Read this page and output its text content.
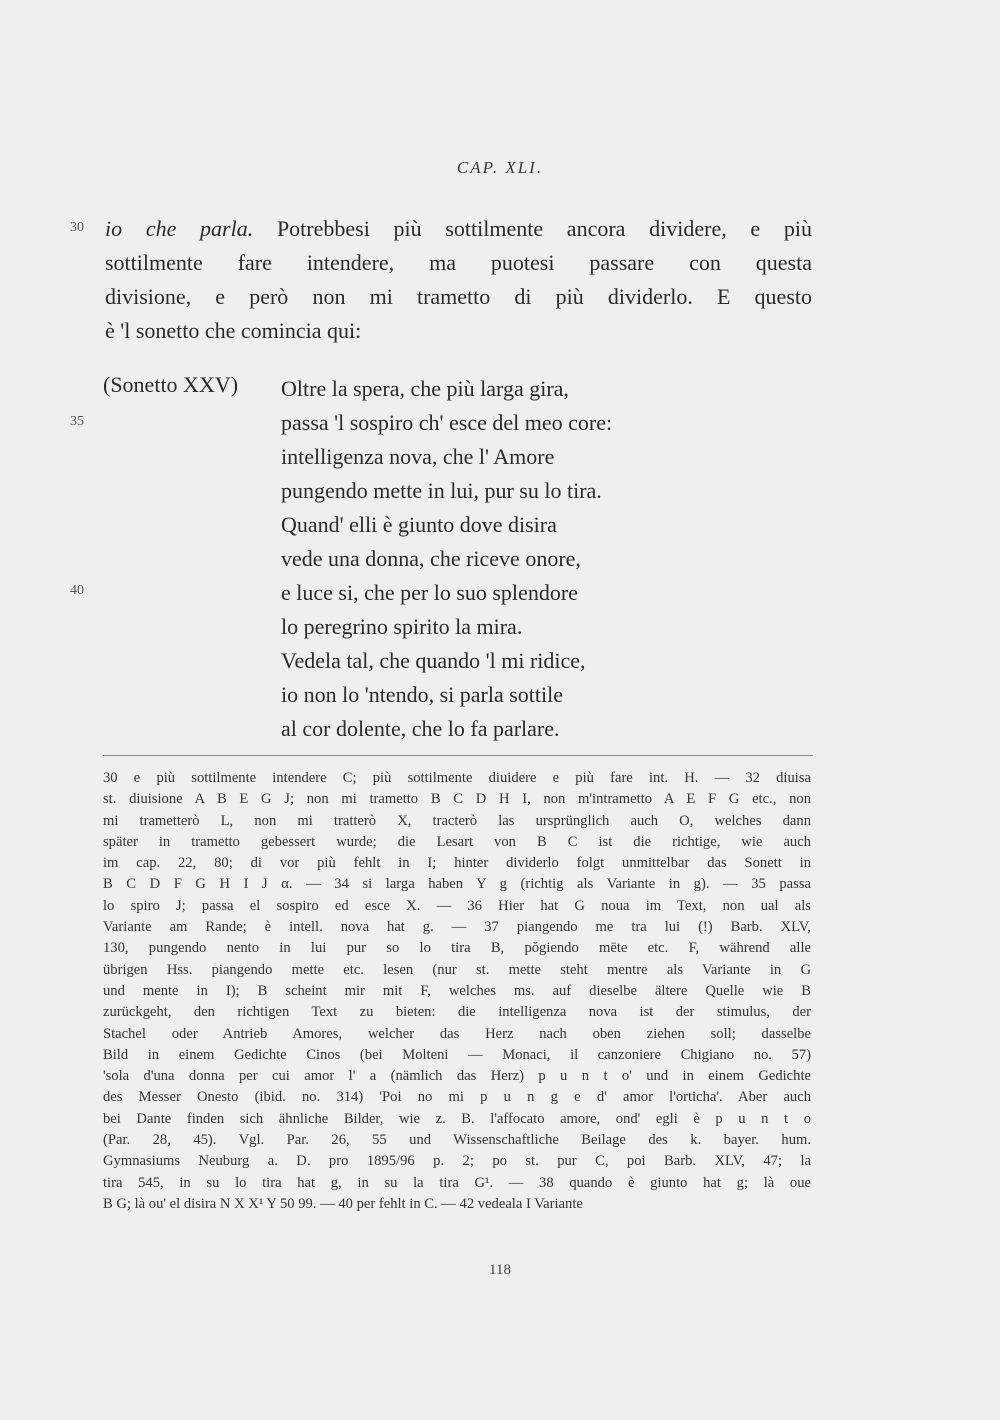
CAP. XLI.
30
35
40
io che parla. Potrebbesi più sottilmente ancora dividere, e più
sottilmente fare intendere, ma puotesi passare con questa
divisione, e però non mi trametto di più dividerlo. E questo
è 'l sonetto che comincia qui:
(Sonetto XXV) Oltre la spera, che più larga gira,
passa 'l sospiro ch' esce del meo core:
intelligenza nova, che l' Amore
pungendo mette in lui, pur su lo tira.
Quand' elli è giunto dove disira
vede una donna, che riceve onore,
e luce si, che per lo suo splendore
lo peregrino spirito la mira.
Vedela tal, che quando 'l mi ridice,
io non lo 'ntendo, si parla sottile
al cor dolente, che lo fa parlare.
30 e più sottilmente intendere C; più sottilmente diuidere e più fare int. H. — 32 diuisa
st. diuisione A B E G J; non mi trametto B C D H I, non m'intrametto A E F G etc., non
mi trametterò L, non mi tratterò X, tracterò las ursprünglich auch O, welches dann
später in trametto gebessert wurde; die Lesart von B C ist die richtige, wie auch
im cap. 22, 80; di vor più fehlt in I; hinter dividerlo folgt unmittelbar das Sonett in
B C D F G H I J α. — 34 si larga haben Y g (richtig als Variante in g). — 35 passa
lo spiro J; passa el sospiro ed esce X. — 36 Hier hat G noua im Text, non ual als
Variante am Rande; è intell. nova hat g. — 37 piangendo me tra lui (!) Barb. XLV,
130, pungendo nento in lui pur so lo tira B, pŏgiendo mēte etc. F, während alle
übrigen Hss. piangendo mette etc. lesen (nur st. mette steht mentre als Variante in G
und mente in I); B scheint mir mit F, welches ms. auf dieselbe ältere Quelle wie B
zurückgeht, den richtigen Text zu bieten: die intelligenza nova ist der stimulus, der
Stachel oder Antrieb Amores, welcher das Herz nach oben ziehen soll; dasselbe
Bild in einem Gedichte Cinos (bei Molteni — Monaci, il canzoniere Chigiano no. 57)
'sola d'una donna per cui amor l' a (nämlich das Herz) p u n t o' und in einem Gedichte
des Messer Onesto (ibid. no. 314) 'Poi no mi p u n g e d' amor l'orticha'. Aber auch
bei Dante finden sich ähnliche Bilder, wie z. B. l'affocato amore, ond' egli è p u n t o
(Par. 28, 45). Vgl. Par. 26, 55 und Wissenschaftliche Beilage des k. bayer. hum.
Gymnasiums Neuburg a. D. pro 1895/96 p. 2; po st. pur C, poi Barb. XLV, 47; la
tira 545, in su lo tira hat g, in su la tira G¹. — 38 quando è giunto hat g; là oue
B G; là ou' el disira N X X¹ Y 50 99. — 40 per fehlt in C. — 42 vedeala I Variante
118
